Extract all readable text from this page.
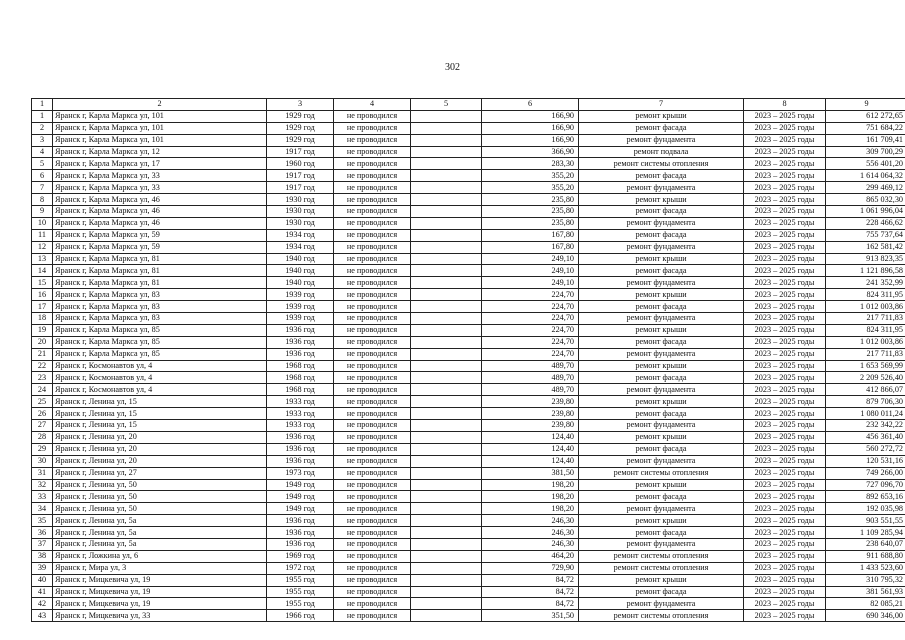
302
1	2	3	4	5	6	7	8	9
1	Яранск г, Карла Маркса ул, 101	1929 год	не проводился		166,90	ремонт крыши	2023 – 2025 годы	612 272,65
2	Яранск г, Карла Маркса ул, 101	1929 год	не проводился		166,90	ремонт фасада	2023 – 2025 годы	751 684,22
3	Яранск г, Карла Маркса ул, 101	1929 год	не проводился		166,90	ремонт фундамента	2023 – 2025 годы	161 709,41
4	Яранск г, Карла Маркса ул, 12	1917 год	не проводился		366,90	ремонт подвала	2023 – 2025 годы	309 700,29
5	Яранск г, Карла Маркса ул, 17	1960 год	не проводился		283,30	ремонт системы отопления	2023 – 2025 годы	556 401,20
6	Яранск г, Карла Маркса ул, 33	1917 год	не проводился		355,20	ремонт фасада	2023 – 2025 годы	1 614 064,32
7	Яранск г, Карла Маркса ул, 33	1917 год	не проводился		355,20	ремонт фундамента	2023 – 2025 годы	299 469,12
8	Яранск г, Карла Маркса ул, 46	1930 год	не проводился		235,80	ремонт крыши	2023 – 2025 годы	865 032,30
9	Яранск г, Карла Маркса ул, 46	1930 год	не проводился		235,80	ремонт фасада	2023 – 2025 годы	1 061 996,04
10	Яранск г, Карла Маркса ул, 46	1930 год	не проводился		235,80	ремонт фундамента	2023 – 2025 годы	228 466,62
11	Яранск г, Карла Маркса ул, 59	1934 год	не проводился		167,80	ремонт фасада	2023 – 2025 годы	755 737,64
12	Яранск г, Карла Маркса ул, 59	1934 год	не проводился		167,80	ремонт фундамента	2023 – 2025 годы	162 581,42
13	Яранск г, Карла Маркса ул, 81	1940 год	не проводился		249,10	ремонт крыши	2023 – 2025 годы	913 823,35
14	Яранск г, Карла Маркса ул, 81	1940 год	не проводился		249,10	ремонт фасада	2023 – 2025 годы	1 121 896,58
15	Яранск г, Карла Маркса ул, 81	1940 год	не проводился		249,10	ремонт фундамента	2023 – 2025 годы	241 352,99
16	Яранск г, Карла Маркса ул, 83	1939 год	не проводился		224,70	ремонт крыши	2023 – 2025 годы	824 311,95
17	Яранск г, Карла Маркса ул, 83	1939 год	не проводился		224,70	ремонт фасада	2023 – 2025 годы	1 012 003,86
18	Яранск г, Карла Маркса ул, 83	1939 год	не проводился		224,70	ремонт фундамента	2023 – 2025 годы	217 711,83
19	Яранск г, Карла Маркса ул, 85	1936 год	не проводился		224,70	ремонт крыши	2023 – 2025 годы	824 311,95
20	Яранск г, Карла Маркса ул, 85	1936 год	не проводился		224,70	ремонт фасада	2023 – 2025 годы	1 012 003,86
21	Яранск г, Карла Маркса ул, 85	1936 год	не проводился		224,70	ремонт фундамента	2023 – 2025 годы	217 711,83
22	Яранск г, Космонавтов ул, 4	1968 год	не проводился		489,70	ремонт крыши	2023 – 2025 годы	1 653 569,99
23	Яранск г, Космонавтов ул, 4	1968 год	не проводился		489,70	ремонт фасада	2023 – 2025 годы	2 209 526,40
24	Яранск г, Космонавтов ул, 4	1968 год	не проводился		489,70	ремонт фундамента	2023 – 2025 годы	412 866,07
25	Яранск г, Ленина ул, 15	1933 год	не проводился		239,80	ремонт крыши	2023 – 2025 годы	879 706,30
26	Яранск г, Ленина ул, 15	1933 год	не проводился		239,80	ремонт фасада	2023 – 2025 годы	1 080 011,24
27	Яранск г, Ленина ул, 15	1933 год	не проводился		239,80	ремонт фундамента	2023 – 2025 годы	232 342,22
28	Яранск г, Ленина ул, 20	1936 год	не проводился		124,40	ремонт крыши	2023 – 2025 годы	456 361,40
29	Яранск г, Ленина ул, 20	1936 год	не проводился		124,40	ремонт фасада	2023 – 2025 годы	560 272,72
30	Яранск г, Ленина ул, 20	1936 год	не проводился		124,40	ремонт фундамента	2023 – 2025 годы	120 531,16
31	Яранск г, Ленина ул, 27	1973 год	не проводился		381,50	ремонт системы отопления	2023 – 2025 годы	749 266,00
32	Яранск г, Ленина ул, 50	1949 год	не проводился		198,20	ремонт крыши	2023 – 2025 годы	727 096,70
33	Яранск г, Ленина ул, 50	1949 год	не проводился		198,20	ремонт фасада	2023 – 2025 годы	892 653,16
34	Яранск г, Ленина ул, 50	1949 год	не проводился		198,20	ремонт фундамента	2023 – 2025 годы	192 035,98
35	Яранск г, Ленина ул, 5а	1936 год	не проводился		246,30	ремонт крыши	2023 – 2025 годы	903 551,55
36	Яранск г, Ленина ул, 5а	1936 год	не проводился		246,30	ремонт фасада	2023 – 2025 годы	1 109 285,94
37	Яранск г, Ленина ул, 5а	1936 год	не проводился		246,30	ремонт фундамента	2023 – 2025 годы	238 640,07
38	Яранск г, Ложкина ул, 6	1969 год	не проводился		464,20	ремонт системы отопления	2023 – 2025 годы	911 688,80
39	Яранск г, Мира ул, 3	1972 год	не проводился		729,90	ремонт системы отопления	2023 – 2025 годы	1 433 523,60
40	Яранск г, Мицкевича ул, 19	1955 год	не проводился		84,72	ремонт крыши	2023 – 2025 годы	310 795,32
41	Яранск г, Мицкевича ул, 19	1955 год	не проводился		84,72	ремонт фасада	2023 – 2025 годы	381 561,93
42	Яранск г, Мицкевича ул, 19	1955 год	не проводился		84,72	ремонт фундамента	2023 – 2025 годы	82 085,21
43	Яранск г, Мицкевича ул, 33	1966 год	не проводился		351,50	ремонт системы отопления	2023 – 2025 годы	690 346,00
